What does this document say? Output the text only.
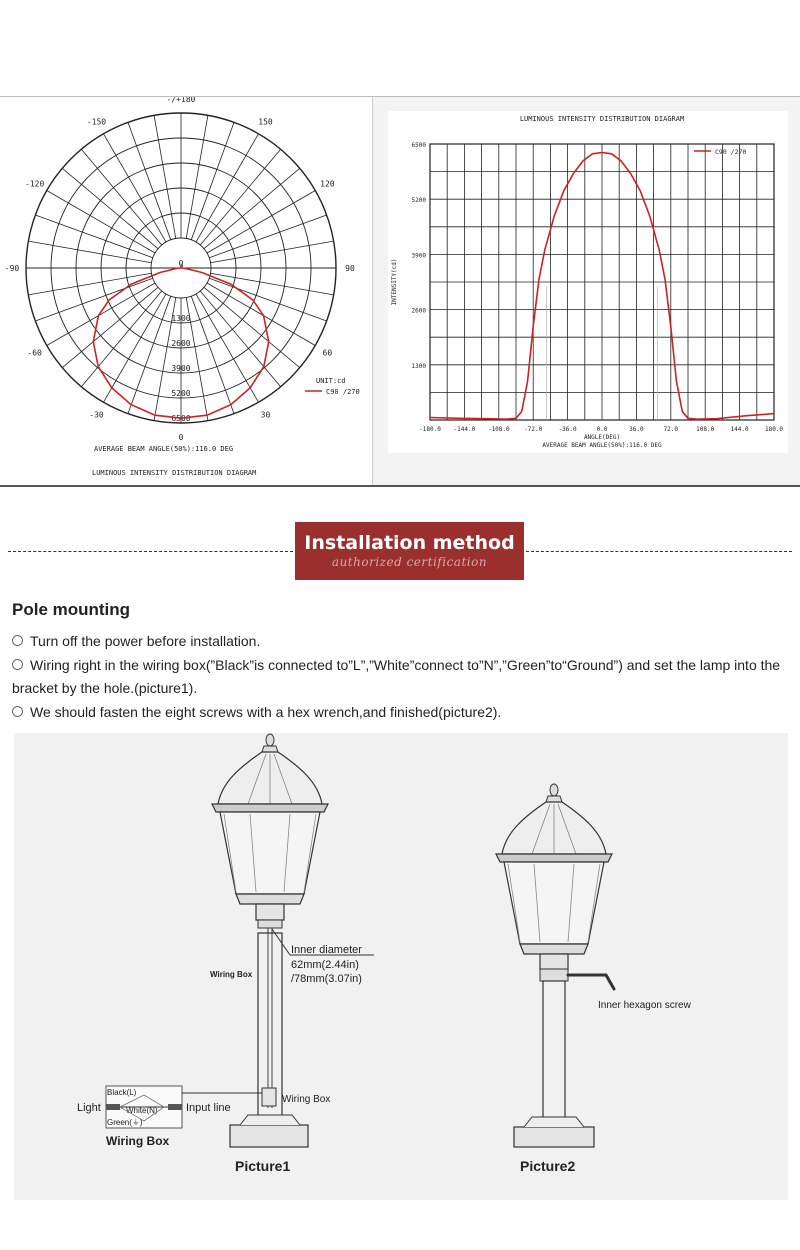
-/+180
150
120
90
60
30
0
-30
-60
-90
-120
-150
0
1300
2600
3900
5200
6500
UNIT:cd
C90 /270
AVERAGE BEAM ANGLE(50%):116.0 DEG
LUMINOUS INTENSITY DISTRIBUTION DIAGRAM
LUMINOUS INTENSITY DISTRIBUTION DIAGRAM
1300
2600
3900
5200
6500
-180.0 -144.0 -108.0 -72.0	-36.0	0.0	36.0	72.0	108.0	144.0	180.0
ANGLE(DEG)
AVERAGE BEAM ANGLE(50%):116.0 DEG
INTENSITY(cd)
C90 /270
Installation method
authorized certification
Pole mounting
Turn off the power before installation.
Wiring right in the wiring box(”Black”is connected to”L”,”White”connect to”N”,”Green”to“Ground”) and set the lamp into the bracket by the hole.(picture1).
We should fasten the eight screws with a hex wrench,and finished(picture2).
Inner diameter
62mm(2.44in)
/78mm(3.07in)
Wiring Box
Wiring Box
Black(L)
White(N)
Green(⏚)
Light	Input line
Wiring Box
Inner hexagon screw
Picture1	Picture2
